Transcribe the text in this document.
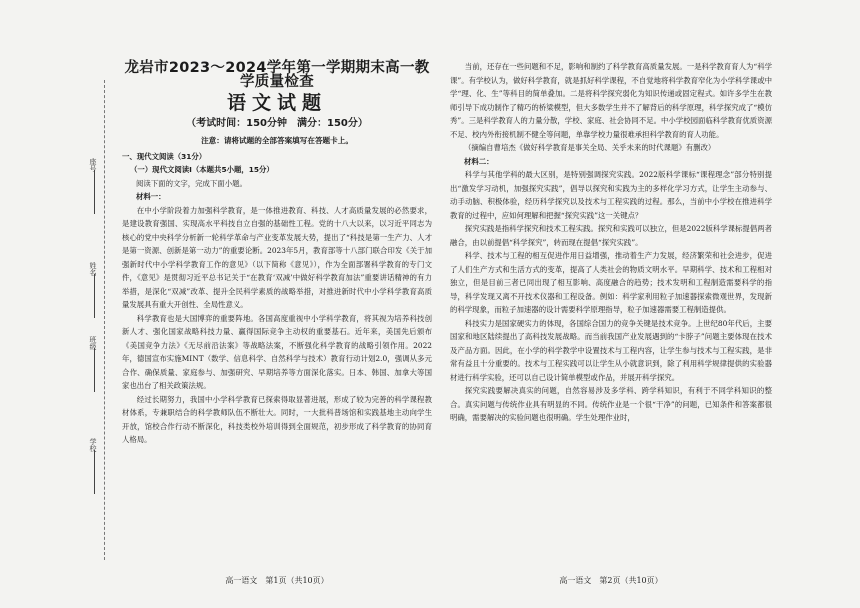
座号
姓名
班级
学校
龙岩市2023～2024学年第一学期期末高一教学质量检查
语文试题
（考试时间：150分钟　满分：150分）
注意：请将试题的全部答案填写在答题卡上。
一、现代文阅读（31分）
（一）现代文阅读Ⅰ（本题共5小题，15分）

阅读下面的文字，完成下面小题。

材料一：

在中小学阶段着力加强科学教育，是一体推进教育、科技、人才高质量发展的必然要求，是建设教育强国、实现高水平科技自立自强的基础性工程。党的十八大以来，以习近平同志为核心的党中央科学分析新一轮科学革命与产业变革发展大势，提出了“科技是第一生产力、人才是第一资源、创新是第一动力”的重要论断。2023年5月，教育部等十八部门联合印发《关于加强新时代中小学科学教育工作的意见》（以下简称《意见》），作为全面部署科学教育的专门文件，《意见》是贯彻习近平总书记关于“在教育‘双减’中做好科学教育加法”重要讲话精神的有力举措，是深化“双减”改革、提升全民科学素质的战略举措，对推进新时代中小学科学教育高质量发展具有重大开创性、全局性意义。

科学教育也是大国博弈的重要阵地。各国高度重视中小学科学教育，将其视为培养科技创新人才、强化国家战略科技力量、赢得国际竞争主动权的重要基石。近年来，美国先后颁布《美国竞争力法》《无尽前沿法案》等战略法案，不断强化科学教育的战略引领作用。2022年，德国宣布实施MINT（数学、信息科学、自然科学与技术）教育行动计划2.0，强调从多元合作、确保质量、家庭参与、加强研究、早期培养等方面深化落实。日本、韩国、加拿大等国家也出台了相关政策法规。

经过长期努力，我国中小学科学教育已探索得取显著进展，形成了较为完善的科学课程教材体系，专兼职结合的科学教师队伍不断壮大。同时，一大批科普场馆和实践基地主动向学生开放，馆校合作行动不断深化，科技类校外培训得到全面规范，初步形成了科学教育的协同育人格局。

当前，还存在一些问题和不足，影响和制约了科学教育高质量发展。一是科学教育育人为“科学课”。有学校认为，做好科学教育，就是抓好科学课程，不自觉地将科学教育窄化为小学科学课或中学“理、化、生”等科目的简单叠加。二是将科学探究弱化为知识传递或固定程式。如许多学生在教师引导下成功制作了精巧的桥梁模型，但大多数学生并不了解背后的科学原理，科学探究成了“模仿秀”。三是科学教育人的力量分散，学校、家庭、社会协同不足。中小学校园面临科学教育优质资源不足、校内外衔接机制不健全等问题，单靠学校力量很难承担科学教育的育人功能。

（摘编自曹培杰《做好科学教育是事关全局、关乎未来的时代课题》有删改）

材料二：

科学与其他学科的最大区别，是特别强调探究实践。2022版科学课标“课程理念”部分特别提出“激发学习动机，加强探究实践”，倡导以探究和实践为主的多样化学习方式，让学生主动参与、动手动脑、积极体验，经历科学探究以及技术与工程实践的过程。那么，当前中小学校在推进科学教育的过程中，应如何理解和把握“探究实践”这一关键点？

探究实践是指科学探究和技术工程实践。探究和实践可以独立，但是2022版科学课标提倡两者融合，由以前提倡“科学探究”，转而现在提倡“探究实践”。

科学、技术与工程的相互促进作用日益增强，推动着生产力发展，经济繁荣和社会进步，促进了人们生产方式和生活方式的变革，提高了人类社会的物质文明水平。早期科学、技术和工程相对独立，但是目前三者已同出现了相互影响、高度融合的趋势；技术发明和工程制造需要科学的指导，科学发现又离不开技术仪器和工程设备。例如：科学家利用粒子加速器探索微观世界，发现新的科学现象，而粒子加速器的设计需要科学原理指导，粒子加速器需要工程制造提供。

科技实力是国家硬实力的体现，各国综合国力的竞争关键是技术竞争。上世纪80年代后，主要国家和地区陆续提出了高科技发展战略。而当前我国产业发展遇到的“卡脖子”问题主要体现在技术及产品方面。因此，在小学的科学教学中设置技术与工程内容，让学生参与技术与工程实践，是非常有益且十分重要的。技术与工程实践可以让学生从小就意识到，除了利用科学规律提供的实验器材进行科学实验，还可以自己设计简单模型或作品，并展开科学探究。

探究实践要解决真实的问题，自然容易涉及多学科、跨学科知识，有利于不同学科知识的整合。真实问题与传统作业具有明显的不同。传统作业是一个很“干净”的问题，已知条件和答案都很明确，需要解决的实验问题也很明确。学生处理作业时，

高一语文　第1页（共10页）	高一语文　第2页（共10页）
